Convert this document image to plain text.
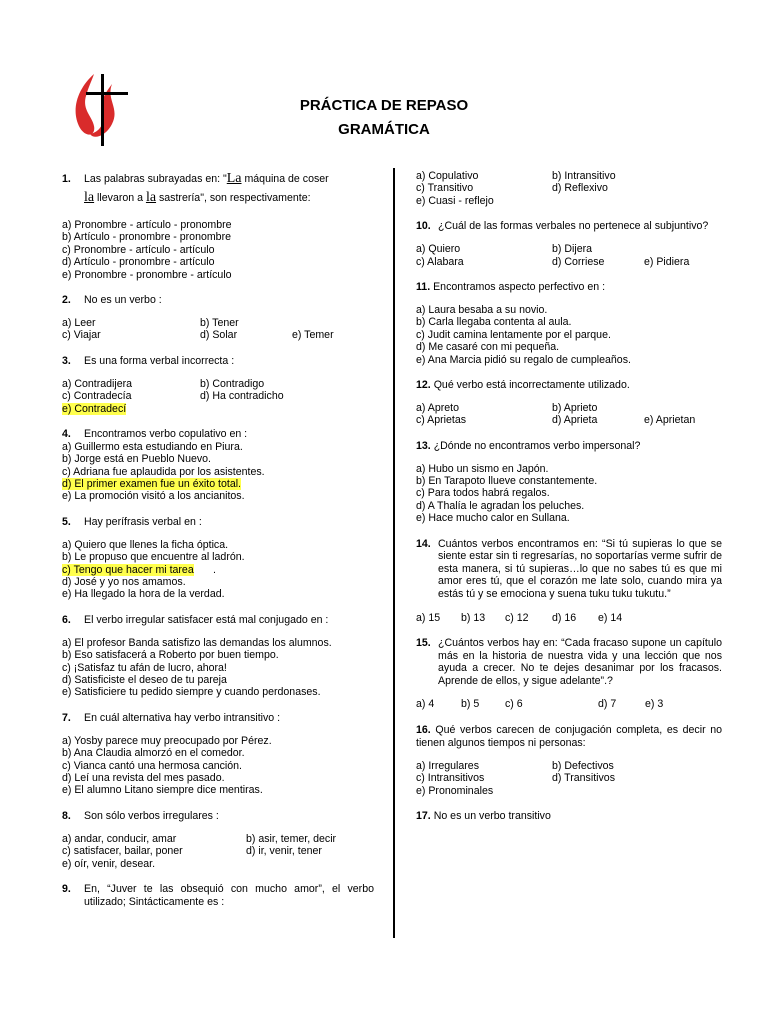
PRÁCTICA DE REPASO
GRAMÁTICA
1. Las palabras subrayadas en: "La máquina de coser
la llevaron a la sastrería", son respectivamente:
a) Pronombre - artículo - pronombre
b) Artículo - pronombre - pronombre
c) Pronombre - artículo - artículo
d) Artículo - pronombre - artículo
e) Pronombre - pronombre - artículo
2. No es un verbo :
a) Leer	b) Tener
c) Viajar	d) Solar	e) Temer
3. Es una forma verbal incorrecta :
a) Contradijera	b) Contradigo
c) Contradecía	d) Ha contradicho
e) Contradecí
4. Encontramos verbo copulativo en :
a) Guillermo esta estudiando en Piura.
b) Jorge está en Pueblo Nuevo.
c) Adriana fue aplaudida por los asistentes.
d) El primer examen fue un éxito total.
e) La promoción visitó a los ancianitos.
5. Hay perífrasis verbal en :
a) Quiero que llenes la ficha óptica.
b) Le propuso que encuentre al ladrón.
c) Tengo que hacer mi tarea .
d) José y yo nos amamos.
e) Ha llegado la hora de la verdad.
6. El verbo irregular satisfacer está mal conjugado en :
a) El profesor Banda satisfizo las demandas los alumnos.
b) Eso satisfacerá a Roberto por buen tiempo.
c) ¡Satisfaz tu afán de lucro, ahora!
d) Satisficiste el deseo de tu pareja
e) Satisficiere tu pedido siempre y cuando perdonases.
7. En cuál alternativa hay verbo intransitivo :
a) Yosby parece muy preocupado por Pérez.
b) Ana Claudia almorzó en el comedor.
c) Vianca cantó una hermosa canción.
d) Leí una revista del mes pasado.
e) El alumno Litano siempre dice mentiras.
8. Son sólo verbos irregulares :
a) andar, conducir, amar	b) asir, temer, decir
c) satisfacer, bailar, poner	d) ir, venir, tener
e) oír, venir, desear.
9. En, “Juver te las obsequió con mucho amor”, el verbo utilizado; Sintácticamente es :
a) Copulativo	b) Intransitivo
c) Transitivo	d) Reflexivo
e) Cuasi - reflejo
10. ¿Cuál de las formas verbales no pertenece al subjuntivo?
a) Quiero	b) Dijera
c) Alabara	d) Corriese	e) Pidiera
11. Encontramos aspecto perfectivo en :
a) Laura besaba a su novio.
b) Carla llegaba contenta al aula.
c) Judit camina lentamente por el parque.
d) Me casaré con mi pequeña.
e) Ana Marcia pidió su regalo de cumpleaños.
12. Qué verbo está incorrectamente utilizado.
a) Apreto	b) Aprieto
c) Aprietas	d) Aprieta	e) Aprietan
13. ¿Dónde no encontramos verbo impersonal?
a) Hubo un sismo en Japón.
b) En Tarapoto llueve constantemente.
c) Para todos habrá regalos.
d) A Thalía le agradan los peluches.
e) Hace mucho calor en Sullana.
14. Cuántos verbos encontramos en: “Si tú supieras lo que se siente estar sin ti regresarías, no soportarías verme sufrir de esta manera, si tú supieras…lo que no sabes tú es que mi amor eres tú, que el corazón me late solo, cuando mira ya estás tú y se emociona y suena tuku tuku tukutu.”
a) 15 b) 13 c) 12 d) 16 e) 14
15. ¿Cuántos verbos hay en: “Cada fracaso supone un capítulo más en la historia de nuestra vida y una lección que nos ayuda a crecer. No te dejes desanimar por los fracasos. Aprende de ellos, y sigue adelante”.?
a) 4	b) 5 c) 6	d) 7	e) 3
16. Qué verbos carecen de conjugación completa, es decir no tienen algunos tiempos ni personas:
a) Irregulares	b) Defectivos
c) Intransitivos	d) Transitivos
e) Pronominales
17. No es un verbo transitivo
